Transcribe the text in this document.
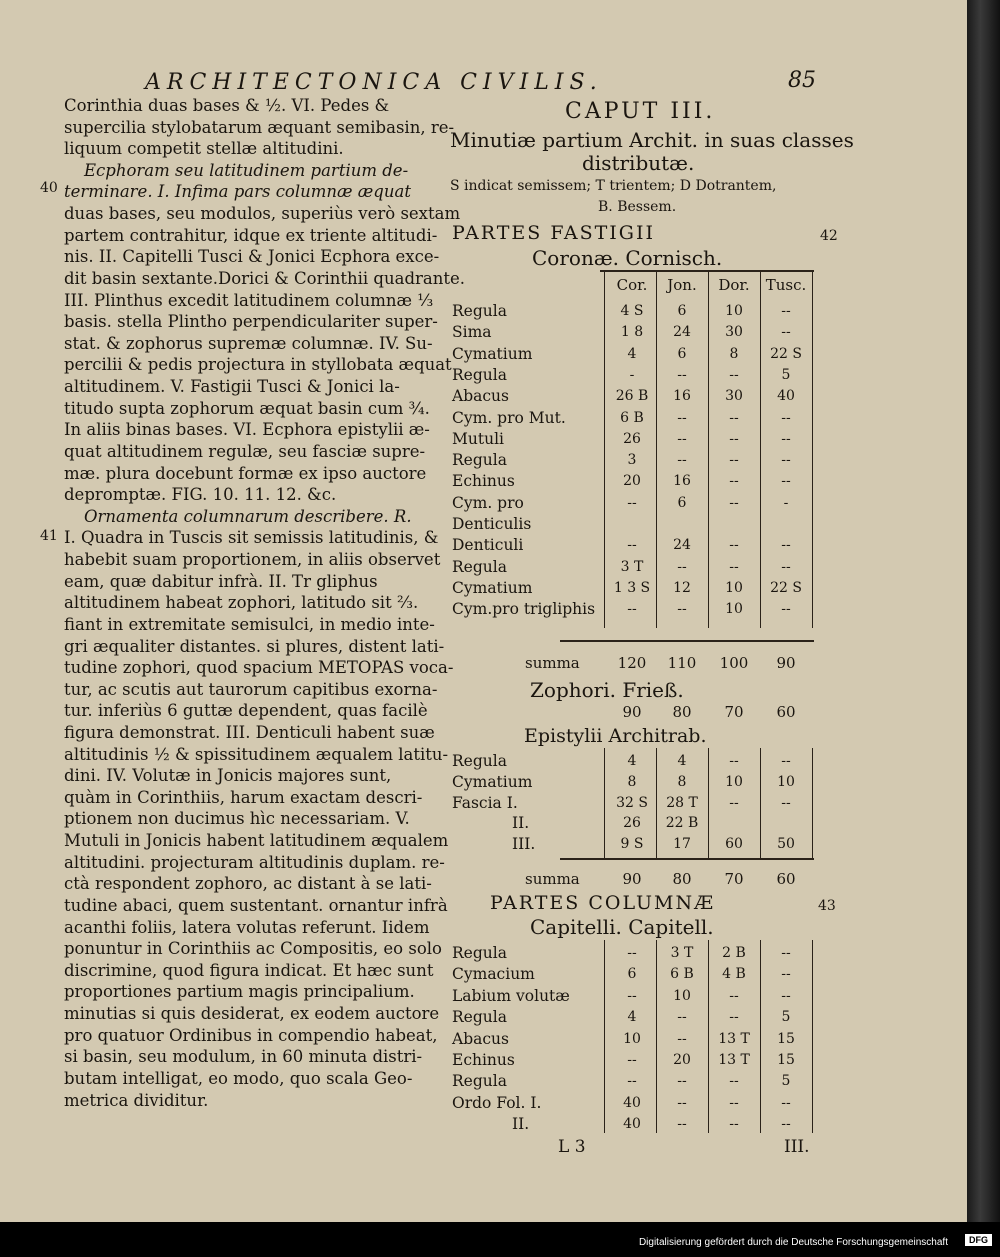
ARCHITECTONICA CIVILIS.	85
40
41
42
43
Corinthia duas bases & ½. VI. Pedes &
supercilia stylobatarum æquant semibasin, re-
liquum competit stellæ altitudini.
Ecphoram seu latitudinem partium de-
terminare. I. Infima pars columnæ æquat
duas bases, seu modulos, superiùs verò sextam
partem contrahitur, idque ex triente altitudi-
nis. II. Capitelli Tusci & Jonici Ecphora exce-
dit basin sextante.Dorici & Corinthii quadrante.
III. Plinthus excedit latitudinem columnæ ⅓
basis. stella Plintho perpendiculariter super-
stat. & zophorus supremæ columnæ. IV. Su-
percilii & pedis projectura in styllobata æquat
altitudinem. V. Fastigii Tusci & Jonici la-
titudo supta zophorum æquat basin cum ¾.
In aliis binas bases. VI. Ecphora epistylii æ-
quat altitudinem regulæ, seu fasciæ supre-
mæ. plura docebunt formæ ex ipso auctore
depromptæ. FIG. 10. 11. 12. &c.
Ornamenta columnarum describere. R.
I. Quadra in Tuscis sit semissis latitudinis, &
habebit suam proportionem, in aliis observet
eam, quæ dabitur infrà. II. Tr gliphus
altitudinem habeat zophori, latitudo sit ⅔.
fiant in extremitate semisulci, in medio inte-
gri æqualiter distantes. si plures, distent lati-
tudine zophori, quod spacium METOPAS voca-
tur, ac scutis aut taurorum capitibus exorna-
tur. inferiùs 6 guttæ dependent, quas facilè
figura demonstrat. III. Denticuli habent suæ
altitudinis ½ & spissitudinem æqualem latitu-
dini. IV. Volutæ in Jonicis majores sunt,
quàm in Corinthiis, harum exactam descri-
ptionem non ducimus hìc necessariam. V.
Mutuli in Jonicis habent latitudinem æqualem
altitudini. projecturam altitudinis duplam. re-
ctà respondent zophoro, ac distant à se lati-
tudine abaci, quem sustentant. ornantur infrà
acanthi foliis, latera volutas referunt. Iidem
ponuntur in Corinthiis ac Compositis, eo solo
discrimine, quod figura indicat. Et hæc sunt
proportiones partium magis principalium.
minutias si quis desiderat, ex eodem auctore
pro quatuor Ordinibus in compendio habeat,
si basin, seu modulum, in 60 minuta distri-
butam intelligat, eo modo, quo scala Geo-
metrica dividitur.
CAPUT III.
Minutiæ partium Archit. in suas classes
distributæ.
S indicat semissem; T trientem; D Dotrantem,
B. Bessem.
PARTES FASTIGII
Coronæ. Cornisch.
Cor.	Jon.	Dor.	Tusc.
Regula	4 S	6	10	--
Sima	1 8	24	30	--
Cymatium	4	6	8	22 S
Regula	-	--	--	5
Abacus	26 B	16	30	40
Cym. pro Mut.	6 B	--	--	--
Mutuli	26	--	--	--
Regula	3	--	--	--
Echinus	20	16	--	--
Cym. pro	--	6	--	-
Denticulis
Denticuli	--	24	--	--
Regula	3 T	--	--	--
Cymatium	1 3 S	12	10	22 S
Cym.pro trigliphis	--	--	10	--
summa	120	110	100	90
Zophori. Frieß.
90	80	70	60
Epistylii Architrab.
Regula	4	4	--	--
Cymatium	8	8	10	10
Fascia I.	32 S	28 T	--	--
II.	26	22 B
III.	9 S	17	60	50
summa	90	80	70	60
PARTES COLUMNÆ
Capitelli. Capitell.
Regula	--	3 T	2 B	--
Cymacium	6	6 B	4 B	--
Labium volutæ	--	10	--	--
Regula	4	--	--	5
Abacus	10	--	13 T	15
Echinus	--	20	13 T	15
Regula	--	--	--	5
Ordo Fol. I.	40	--	--	--
II.	40	--	--	--
L 3	III.
Digitalisierung gefördert durch die Deutsche Forschungsgemeinschaft	DFG
